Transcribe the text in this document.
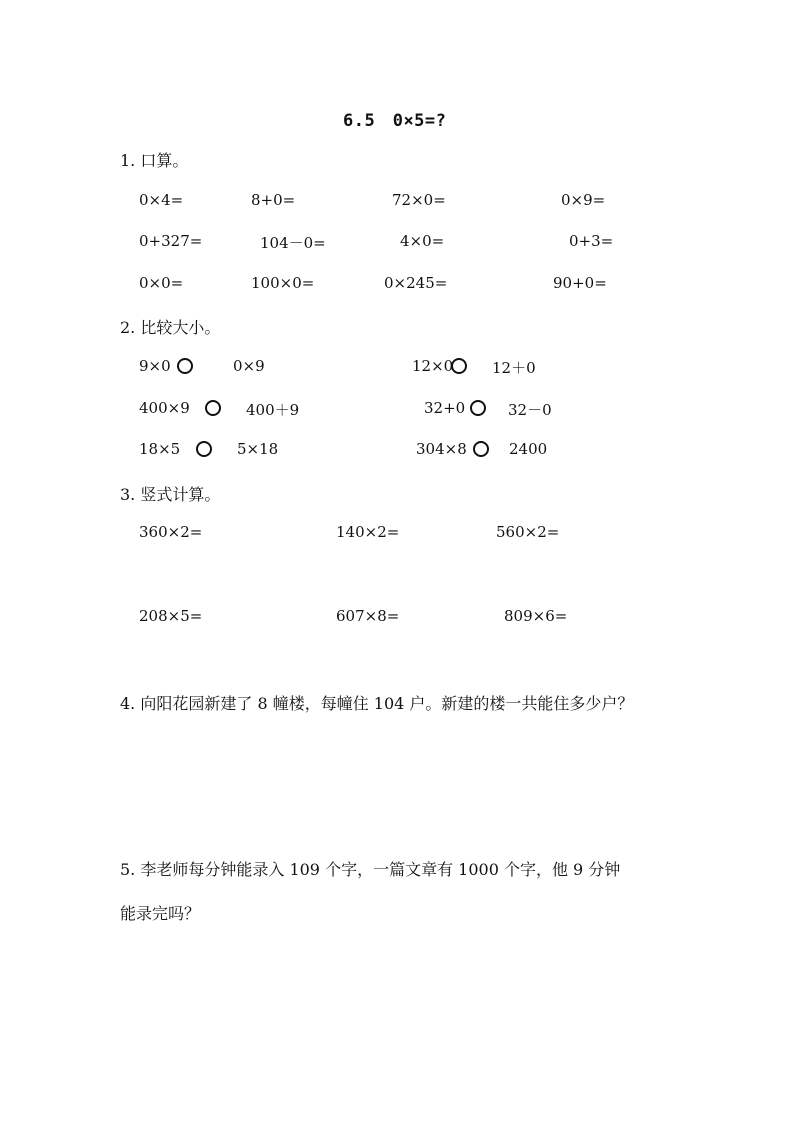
6.5　0×5=?
1. 口算。
0×4=	8+0=	72×0=	0×9=
0+327=	104－0=	4×0=	0+3=
0×0=	100×0=	0×245=	90+0=
2. 比较大小。
9×0	0×9	12×0	12＋0
400×9	400＋9	32+0	32－0
18×5	5×18	304×8	2400
3. 竖式计算。
360×2=	140×2=	560×2=
208×5=	607×8=	809×6=
4. 向阳花园新建了 8 幢楼，每幢住 104 户。新建的楼一共能住多少户？
5. 李老师每分钟能录入 109 个字，一篇文章有 1000 个字，他 9 分钟
能录完吗？
